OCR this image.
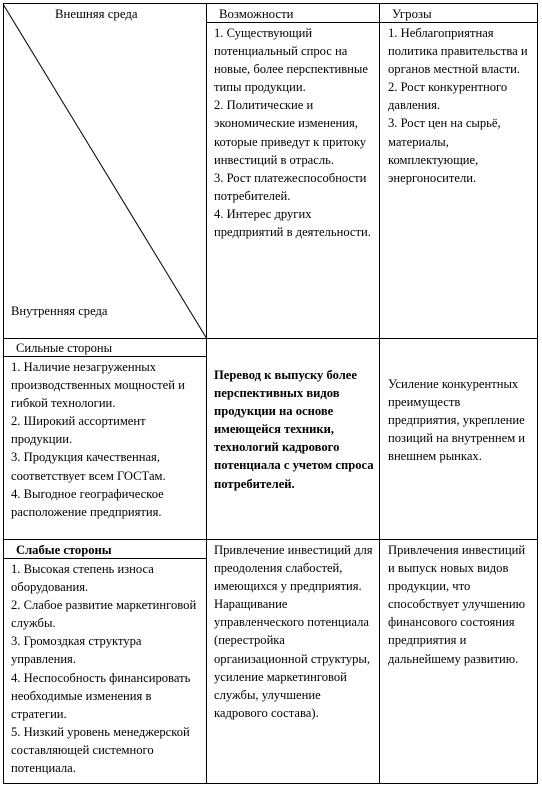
Внешняя среда
Внутренняя среда
Возможности	Угрозы

1. Существующий потенциальный спрос на новые, более перспективные типы продукции.

2. Политические и экономические изменения, которые приведут к притоку инвестиций в отрасль.

3. Рост платежеспособности потребителей.

4. Интерес других предприятий в деятельности.

1. Неблагоприятная политика правительства и органов местной власти.

2. Рост конкурентного давления.

3. Рост цен на сырьё, материалы, комплектующие, энергоносители.

Сильные стороны

1. Наличие незагруженных производственных мощностей и гибкой технологии.

2. Широкий ассортимент продукции.

3. Продукция качественная, соответствует всем ГОСТам.

4. Выгодное географическое расположение предприятия.

Перевод к выпуску более перспективных видов продукции на основе имеющейся техники, технологий кадрового потенциала с учетом спроса потребителей.
Усиление конкурентных преимуществ предприятия, укрепление позиций на внутреннем и внешнем рынках.
Слабые стороны

1. Высокая степень износа оборудования.

2. Слабое развитие маркетинговой службы.

3. Громоздкая структура управления.

4. Неспособность финансировать необходимые изменения в стратегии.

5. Низкий уровень менеджерской составляющей системного потенциала.

Привлечение инвестиций для преодоления слабостей, имеющихся у предприятия. Наращивание управленческого потенциала (перестройка организационной структуры, усиление маркетинговой службы, улучшение кадрового состава).
Привлечения инвестиций и выпуск новых видов продукции, что способствует улучшению финансового состояния предприятия и дальнейшему развитию.
